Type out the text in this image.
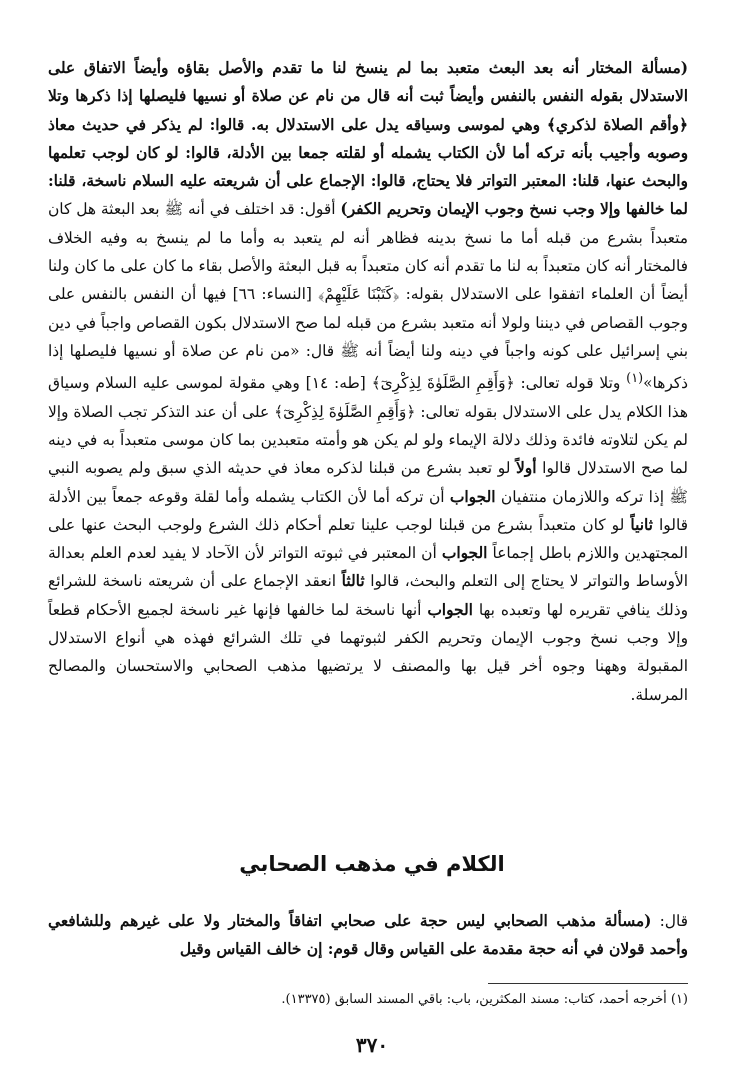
(مسألة المختار أنه بعد البعث متعبد بما لم ينسخ لنا ما تقدم والأصل بقاؤه وأيضاً الاتفاق على الاستدلال بقوله النفس بالنفس وأيضاً ثبت أنه قال من نام عن صلاة أو نسيها فليصلها إذا ذكرها وتلا ﴿وأقم الصلاة لذكري﴾ وهي لموسى وسياقه يدل على الاستدلال به. قالوا: لم يذكر في حديث معاذ وصوبه وأجيب بأنه تركه أما لأن الكتاب يشمله أو لقلته جمعا بين الأدلة، قالوا: لو كان لوجب تعلمها والبحث عنها، قلنا: المعتبر التواتر فلا يحتاج، قالوا: الإجماع على أن شريعته عليه السلام ناسخة، قلنا: لما خالفها وإلا وجب نسخ وجوب الإيمان وتحريم الكفر) أقول: قد اختلف في أنه ﷺ بعد البعثة هل كان متعبداً بشرع من قبله أما ما نسخ بدينه فظاهر أنه لم يتعبد به وأما ما لم ينسخ به وفيه الخلاف فالمختار أنه كان متعبداً به لنا ما تقدم أنه كان متعبداً به قبل البعثة والأصل بقاء ما كان على ما كان ولنا أيضاً أن العلماء اتفقوا على الاستدلال بقوله: ﴿كَتَبْنَا عَلَيْهِمْ﴾ [النساء: ٦٦] فيها أن النفس بالنفس على وجوب القصاص في ديننا ولولا أنه متعبد بشرع من قبله لما صح الاستدلال بكون القصاص واجباً في دين بني إسرائيل على كونه واجباً في دينه ولنا أيضاً أنه ﷺ قال: «من نام عن صلاة أو نسيها فليصلها إذا ذكرها»$^{(١)}$ وتلا قوله تعالى: ﴿وَأَقِمِ الصَّلَوٰةَ لِذِكْرِىٓ﴾ [طه: ١٤] وهي مقولة لموسى عليه السلام وسياق هذا الكلام يدل على الاستدلال بقوله تعالى: ﴿وَأَقِمِ الصَّلَوٰةَ لِذِكْرِىٓ﴾ على أن عند التذكر تجب الصلاة وإلا لم يكن لتلاوته فائدة وذلك دلالة الإيماء ولو لم يكن هو وأمته متعبدين بما كان موسى متعبداً به في دينه لما صح الاستدلال قالوا أولاً لو تعبد بشرع من قبلنا لذكره معاذ في حديثه الذي سبق ولم يصوبه النبي ﷺ إذا تركه واللازمان منتفيان الجواب أن تركه أما لأن الكتاب يشمله وأما لقلة وقوعه جمعاً بين الأدلة قالوا ثانياً لو كان متعبداً بشرع من قبلنا لوجب علينا تعلم أحكام ذلك الشرع ولوجب البحث عنها على المجتهدين واللازم باطل إجماعاً الجواب أن المعتبر في ثبوته التواتر لأن الآحاد لا يفيد لعدم العلم بعدالة الأوساط والتواتر لا يحتاج إلى التعلم والبحث، قالوا ثالثاً انعقد الإجماع على أن شريعته ناسخة للشرائع وذلك ينافي تقريره لها وتعبده بها الجواب أنها ناسخة لما خالفها فإنها غير ناسخة لجميع الأحكام قطعاً وإلا وجب نسخ وجوب الإيمان وتحريم الكفر لثبوتهما في تلك الشرائع فهذه هي أنواع الاستدلال المقبولة وههنا وجوه أخر قيل بها والمصنف لا يرتضيها مذهب الصحابي والاستحسان والمصالح المرسلة.

الكلام في مذهب الصحابي

قال: (مسألة مذهب الصحابي ليس حجة على صحابي اتفاقاً والمختار ولا على غيرهم وللشافعي وأحمد قولان في أنه حجة مقدمة على القياس وقال قوم: إن خالف القياس وقيل

(١) أخرجه أحمد، كتاب: مسند المكثرين، باب: باقي المسند السابق (١٣٣٧٥).
٣٧٠
